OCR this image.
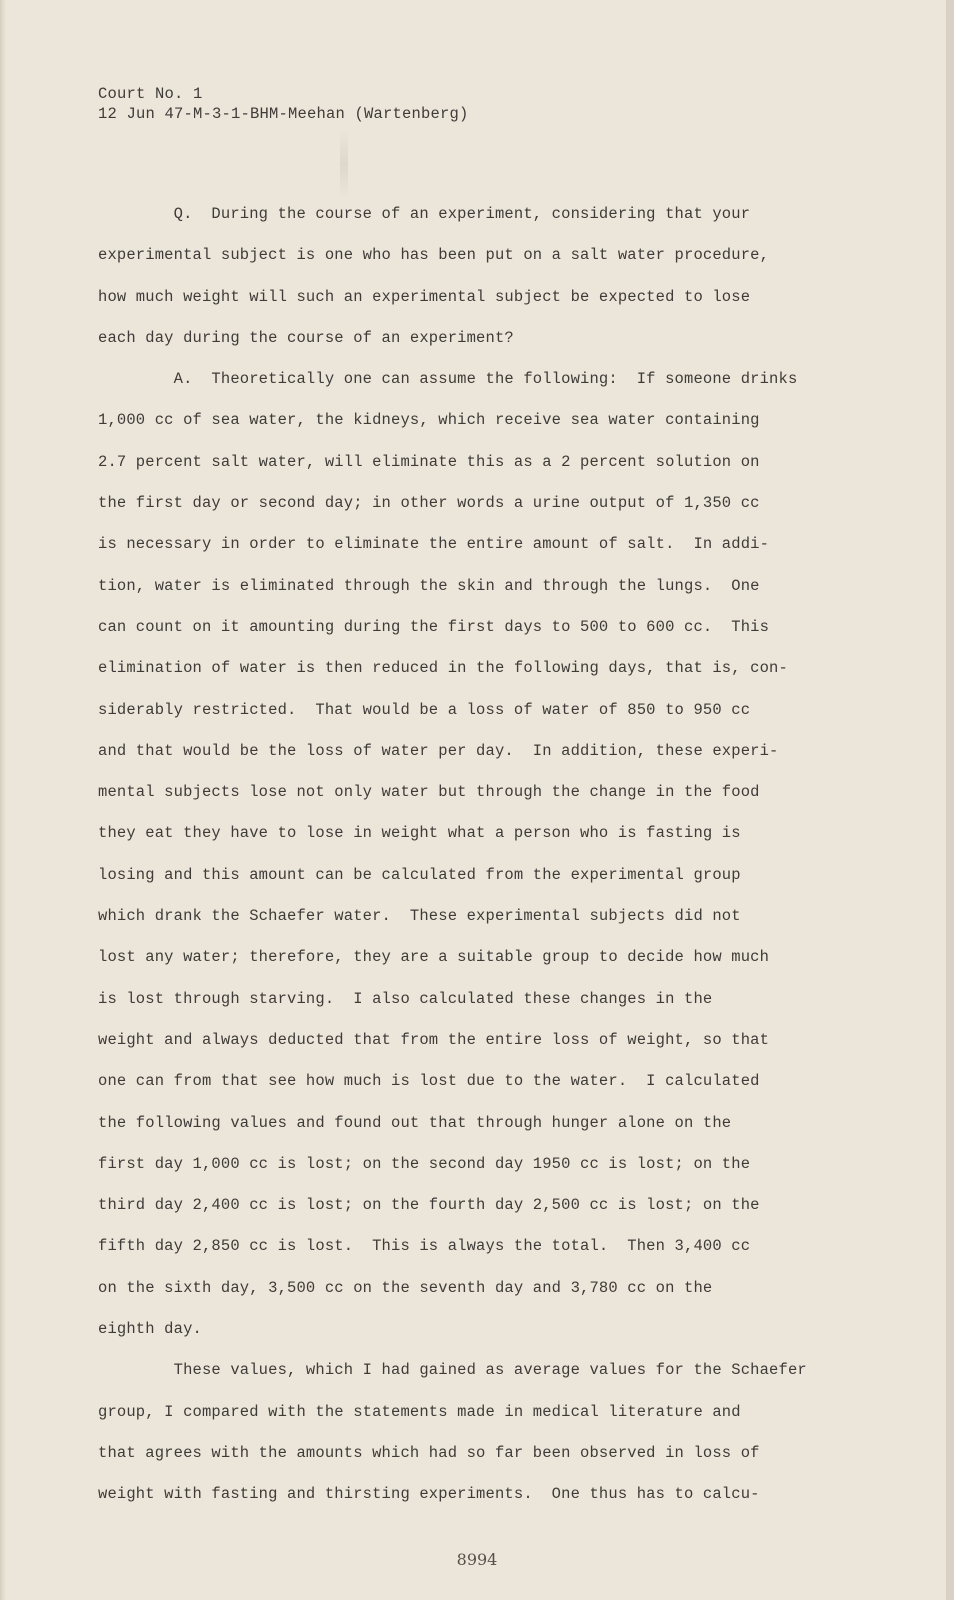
Court No. 1
12 Jun 47-M-3-1-BHM-Meehan (Wartenberg)
Q.  During the course of an experiment, considering that your
experimental subject is one who has been put on a salt water procedure,
how much weight will such an experimental subject be expected to lose
each day during the course of an experiment?
A.  Theoretically one can assume the following:  If someone drinks
1,000 cc of sea water, the kidneys, which receive sea water containing
2.7 percent salt water, will eliminate this as a 2 percent solution on
the first day or second day; in other words a urine output of 1,350 cc
is necessary in order to eliminate the entire amount of salt.  In addi-
tion, water is eliminated through the skin and through the lungs.  One
can count on it amounting during the first days to 500 to 600 cc.  This
elimination of water is then reduced in the following days, that is, con-
siderably restricted.  That would be a loss of water of 850 to 950 cc
and that would be the loss of water per day.  In addition, these experi-
mental subjects lose not only water but through the change in the food
they eat they have to lose in weight what a person who is fasting is
losing and this amount can be calculated from the experimental group
which drank the Schaefer water.  These experimental subjects did not
lost any water; therefore, they are a suitable group to decide how much
is lost through starving.  I also calculated these changes in the
weight and always deducted that from the entire loss of weight, so that
one can from that see how much is lost due to the water.  I calculated
the following values and found out that through hunger alone on the
first day 1,000 cc is lost; on the second day 1950 cc is lost; on the
third day 2,400 cc is lost; on the fourth day 2,500 cc is lost; on the
fifth day 2,850 cc is lost.  This is always the total.  Then 3,400 cc
on the sixth day, 3,500 cc on the seventh day and 3,780 cc on the
eighth day.
These values, which I had gained as average values for the Schaefer
group, I compared with the statements made in medical literature and
that agrees with the amounts which had so far been observed in loss of
weight with fasting and thirsting experiments.  One thus has to calcu-
8994
